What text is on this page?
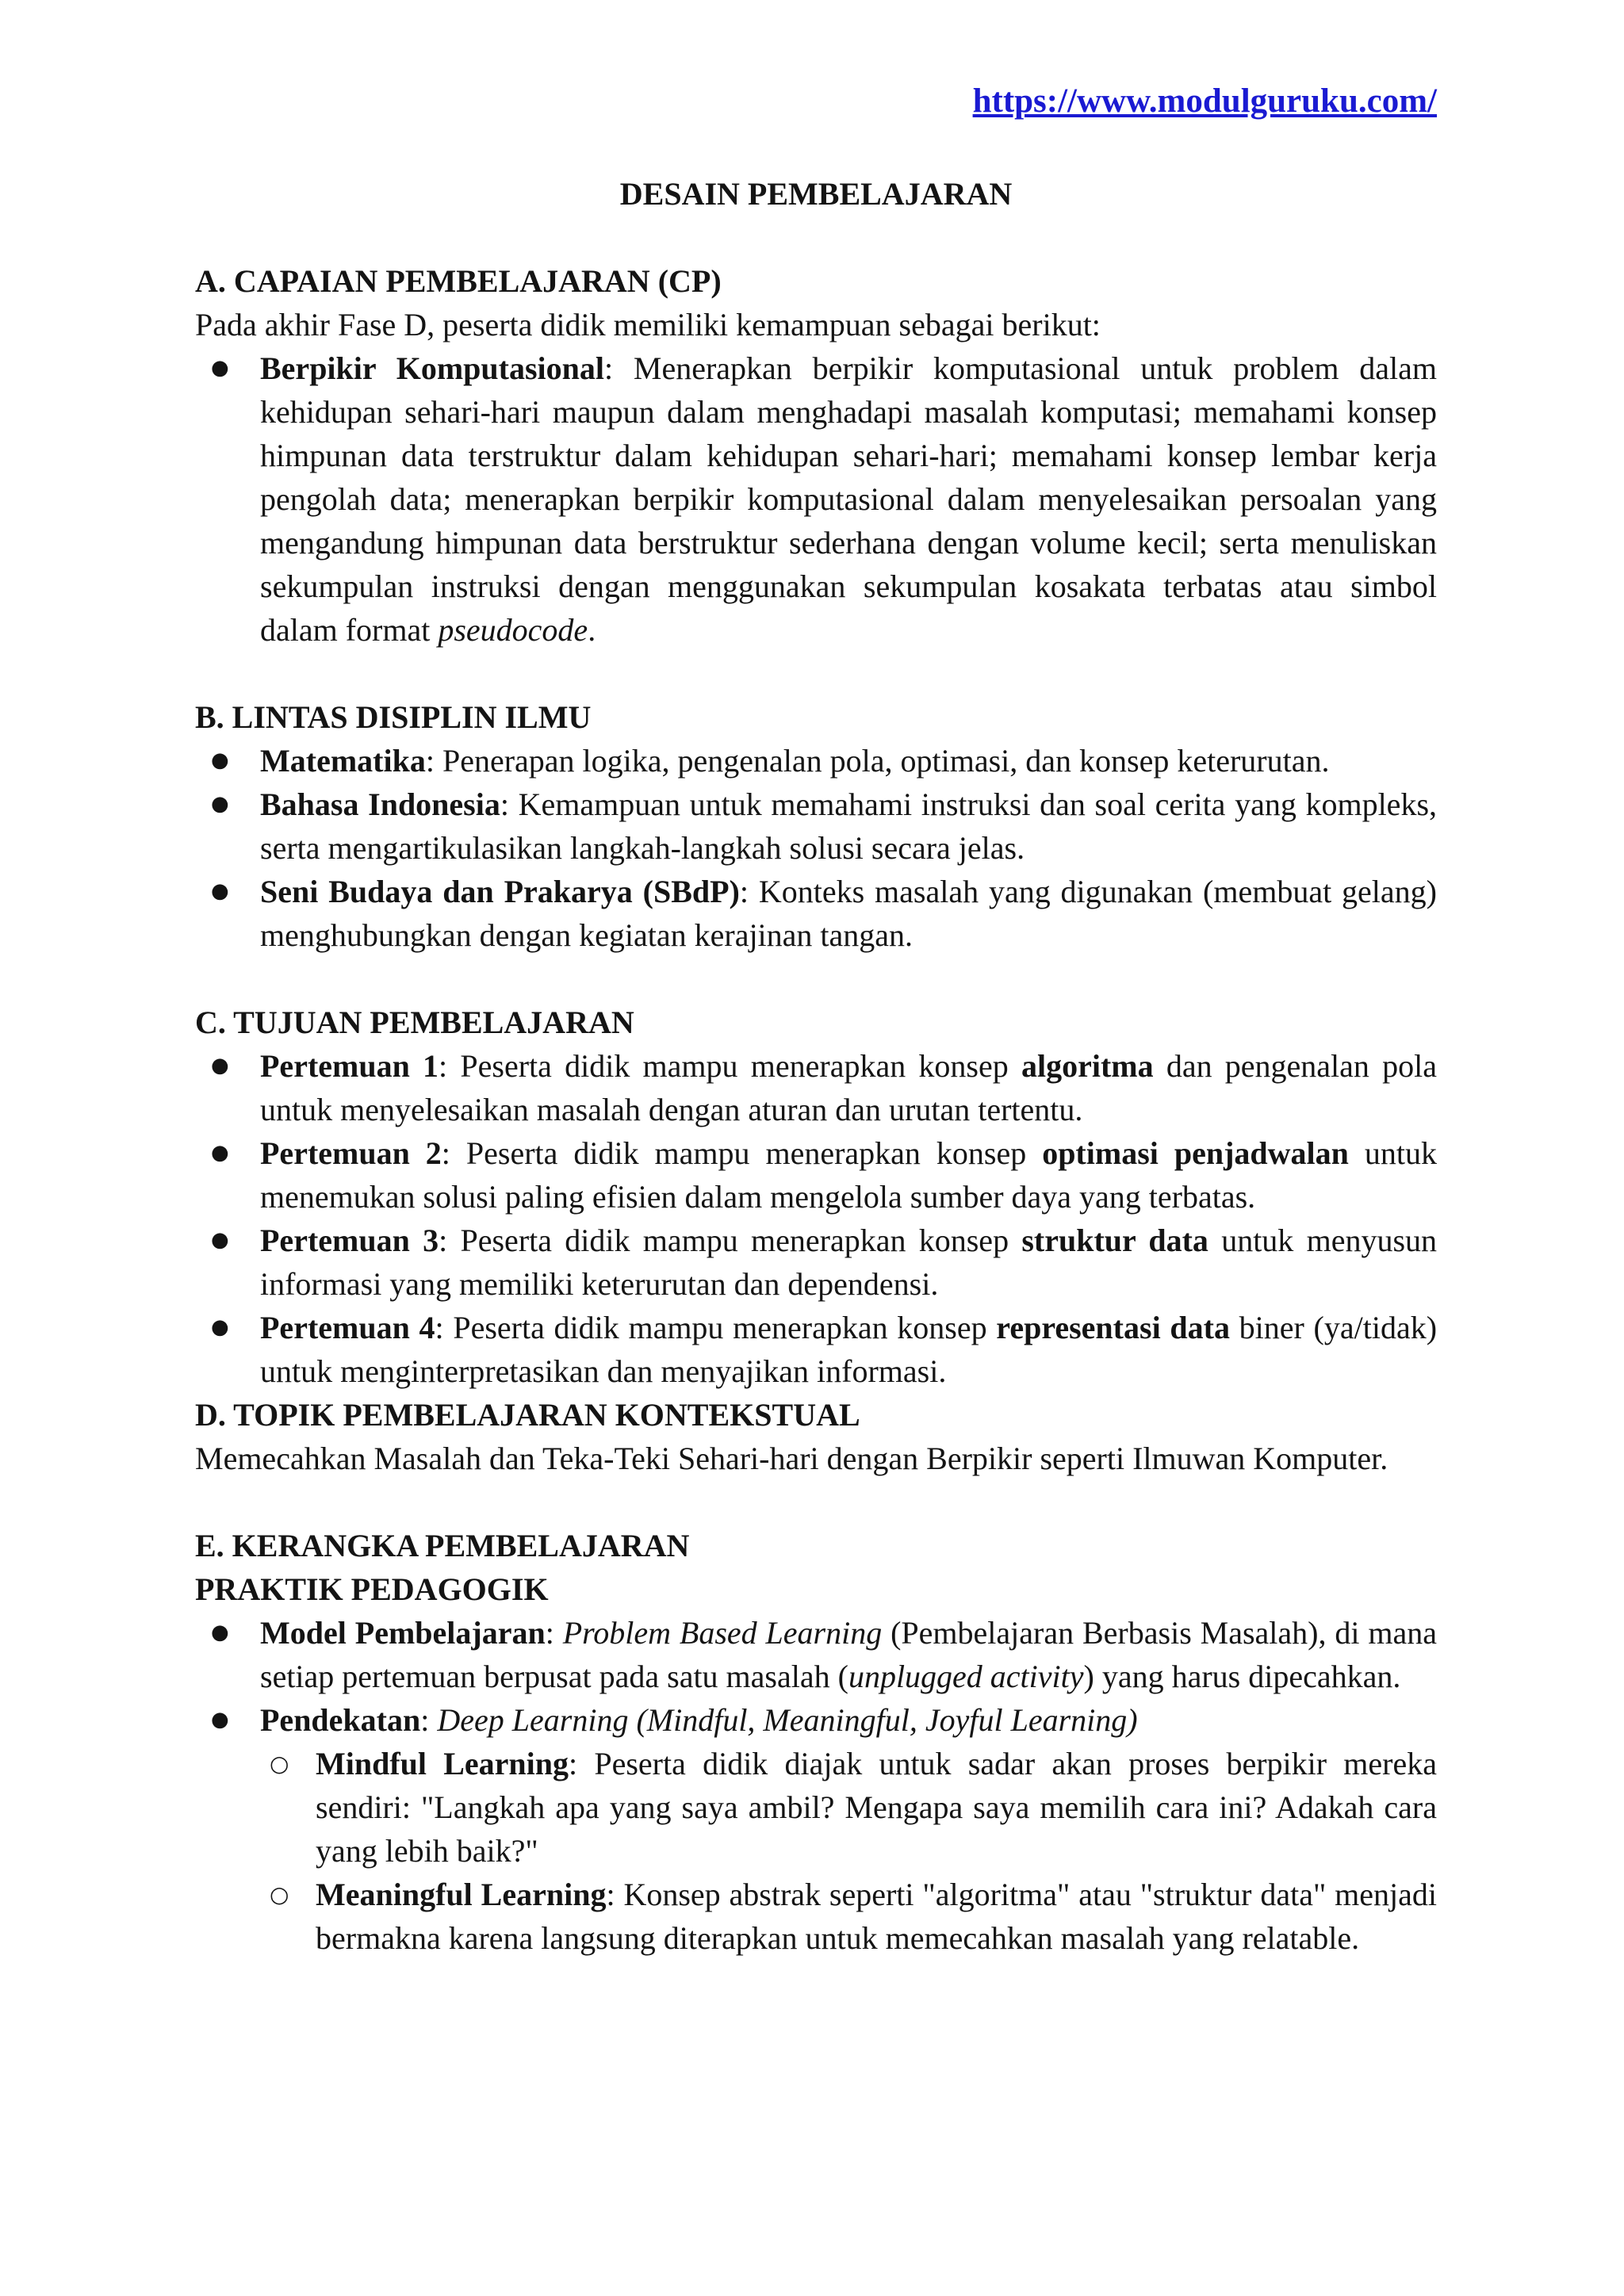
https://www.modulguruku.com/

DESAIN PEMBELAJARAN

A. CAPAIAN PEMBELAJARAN (CP)

Pada akhir Fase D, peserta didik memiliki kemampuan sebagai berikut:

● Berpikir Komputasional: Menerapkan berpikir komputasional untuk problem dalam kehidupan sehari-hari maupun dalam menghadapi masalah komputasi; memahami konsep himpunan data terstruktur dalam kehidupan sehari-hari; memahami konsep lembar kerja pengolah data; menerapkan berpikir komputasional dalam menyelesaikan persoalan yang mengandung himpunan data berstruktur sederhana dengan volume kecil; serta menuliskan sekumpulan instruksi dengan menggunakan sekumpulan kosakata terbatas atau simbol dalam format pseudocode.

B. LINTAS DISIPLIN ILMU

● Matematika: Penerapan logika, pengenalan pola, optimasi, dan konsep keterurutan.
● Bahasa Indonesia: Kemampuan untuk memahami instruksi dan soal cerita yang kompleks, serta mengartikulasikan langkah-langkah solusi secara jelas.
● Seni Budaya dan Prakarya (SBdP): Konteks masalah yang digunakan (membuat gelang) menghubungkan dengan kegiatan kerajinan tangan.

C. TUJUAN PEMBELAJARAN

● Pertemuan 1: Peserta didik mampu menerapkan konsep algoritma dan pengenalan pola untuk menyelesaikan masalah dengan aturan dan urutan tertentu.
● Pertemuan 2: Peserta didik mampu menerapkan konsep optimasi penjadwalan untuk menemukan solusi paling efisien dalam mengelola sumber daya yang terbatas.
● Pertemuan 3: Peserta didik mampu menerapkan konsep struktur data untuk menyusun informasi yang memiliki keterurutan dan dependensi.
● Pertemuan 4: Peserta didik mampu menerapkan konsep representasi data biner (ya/tidak) untuk menginterpretasikan dan menyajikan informasi.

D. TOPIK PEMBELAJARAN KONTEKSTUAL

Memecahkan Masalah dan Teka-Teki Sehari-hari dengan Berpikir seperti Ilmuwan Komputer.

E. KERANGKA PEMBELAJARAN

PRAKTIK PEDAGOGIK

● Model Pembelajaran: Problem Based Learning (Pembelajaran Berbasis Masalah), di mana setiap pertemuan berpusat pada satu masalah (unplugged activity) yang harus dipecahkan.
● Pendekatan: Deep Learning (Mindful, Meaningful, Joyful Learning)
○ Mindful Learning: Peserta didik diajak untuk sadar akan proses berpikir mereka sendiri: "Langkah apa yang saya ambil? Mengapa saya memilih cara ini? Adakah cara yang lebih baik?"
○ Meaningful Learning: Konsep abstrak seperti "algoritma" atau "struktur data" menjadi bermakna karena langsung diterapkan untuk memecahkan masalah yang relatable.
